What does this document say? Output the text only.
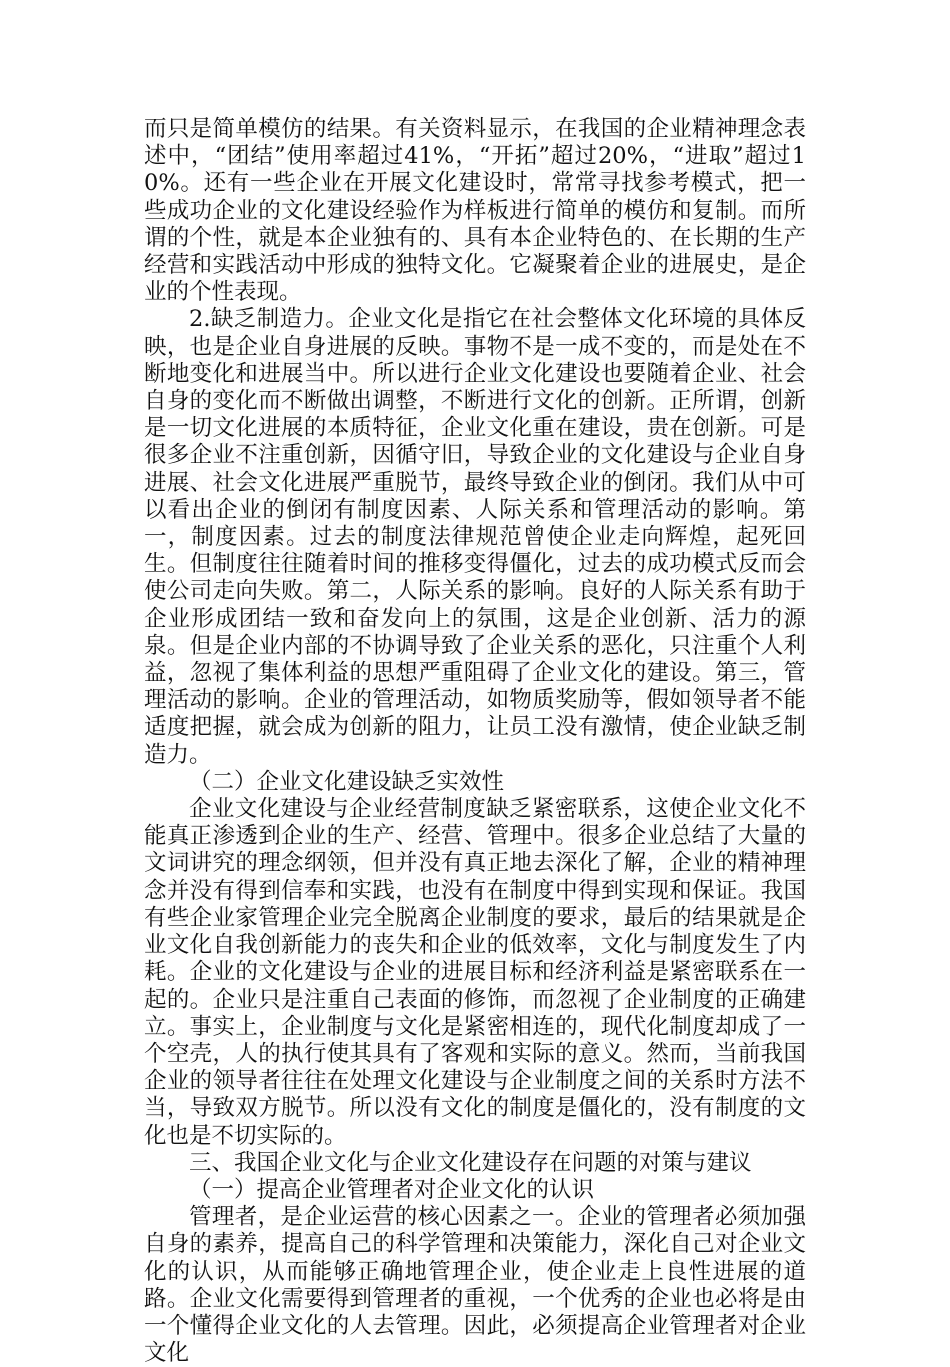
而只是简单模仿的结果。有关资料显示，在我国的企业精神理念表述中，“团结”使用率超过41%，“开拓”超过20%，“进取”超过10%。还有一些企业在开展文化建设时，常常寻找参考模式，把一些成功企业的文化建设经验作为样板进行简单的模仿和复制。而所谓的个性，就是本企业独有的、具有本企业特色的、在长期的生产经营和实践活动中形成的独特文化。它凝聚着企业的进展史，是企业的个性表现。

2.缺乏制造力。企业文化是指它在社会整体文化环境的具体反映，也是企业自身进展的反映。事物不是一成不变的，而是处在不断地变化和进展当中。所以进行企业文化建设也要随着企业、社会自身的变化而不断做出调整，不断进行文化的创新。正所谓，创新是一切文化进展的本质特征，企业文化重在建设，贵在创新。可是很多企业不注重创新，因循守旧，导致企业的文化建设与企业自身进展、社会文化进展严重脱节，最终导致企业的倒闭。我们从中可以看出企业的倒闭有制度因素、人际关系和管理活动的影响。第一，制度因素。过去的制度法律规范曾使企业走向辉煌，起死回生。但制度往往随着时间的推移变得僵化，过去的成功模式反而会使公司走向失败。第二，人际关系的影响。良好的人际关系有助于企业形成团结一致和奋发向上的氛围，这是企业创新、活力的源泉。但是企业内部的不协调导致了企业关系的恶化，只注重个人利益，忽视了集体利益的思想严重阻碍了企业文化的建设。第三，管理活动的影响。企业的管理活动，如物质奖励等，假如领导者不能适度把握，就会成为创新的阻力，让员工没有激情，使企业缺乏制造力。

（二）企业文化建设缺乏实效性

企业文化建设与企业经营制度缺乏紧密联系，这使企业文化不能真正渗透到企业的生产、经营、管理中。很多企业总结了大量的文词讲究的理念纲领，但并没有真正地去深化了解，企业的精神理念并没有得到信奉和实践，也没有在制度中得到实现和保证。我国有些企业家管理企业完全脱离企业制度的要求，最后的结果就是企业文化自我创新能力的丧失和企业的低效率，文化与制度发生了内耗。企业的文化建设与企业的进展目标和经济利益是紧密联系在一起的。企业只是注重自己表面的修饰，而忽视了企业制度的正确建立。事实上，企业制度与文化是紧密相连的，现代化制度却成了一个空壳，人的执行使其具有了客观和实际的意义。然而，当前我国企业的领导者往往在处理文化建设与企业制度之间的关系时方法不当，导致双方脱节。所以没有文化的制度是僵化的，没有制度的文化也是不切实际的。

三、我国企业文化与企业文化建设存在问题的对策与建议

（一）提高企业管理者对企业文化的认识

管理者，是企业运营的核心因素之一。企业的管理者必须加强自身的素养，提高自己的科学管理和决策能力，深化自己对企业文化的认识，从而能够正确地管理企业，使企业走上良性进展的道路。企业文化需要得到管理者的重视，一个优秀的企业也必将是由一个懂得企业文化的人去管理。因此，必须提高企业管理者对企业文化
